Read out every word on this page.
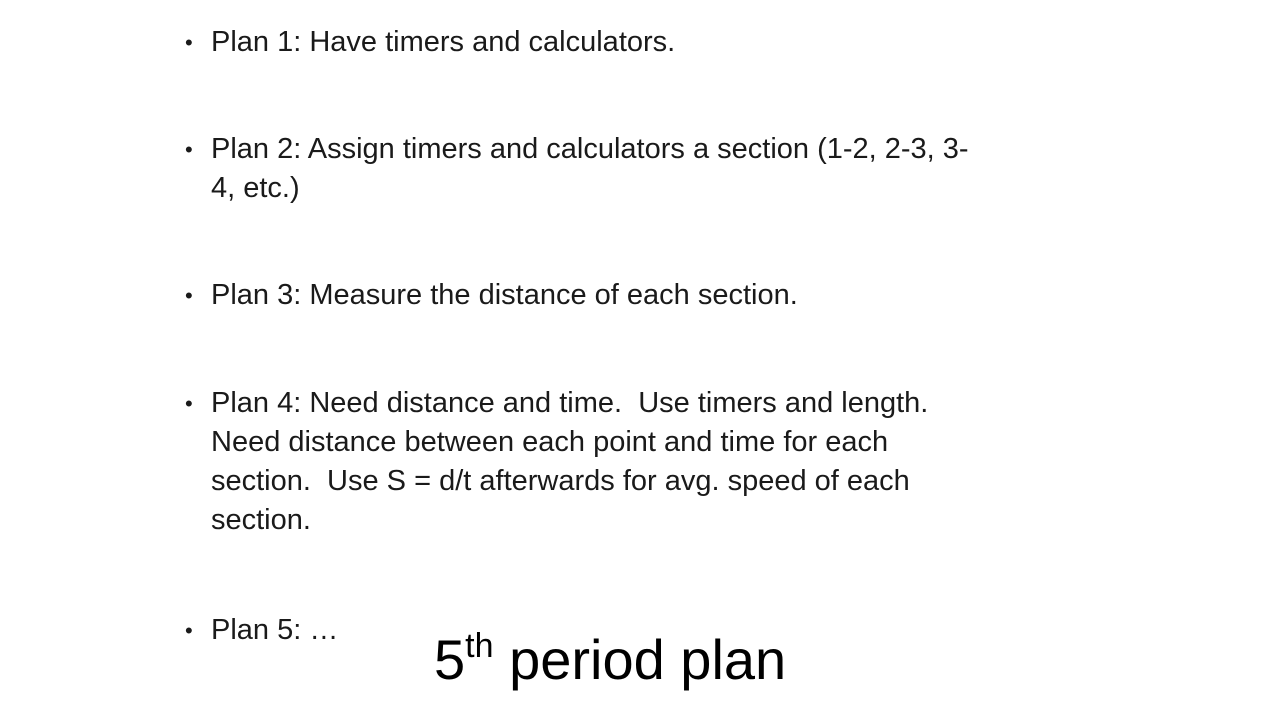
• Plan 1: Have timers and calculators.
• Plan 2: Assign timers and calculators a section (1-2, 2-3, 3-
4, etc.)
• Plan 3: Measure the distance of each section.
• Plan 4: Need distance and time.  Use timers and length.
Need distance between each point and time for each
section.  Use S = d/t afterwards for avg. speed of each
section.
• Plan 5: …	5th period plan
